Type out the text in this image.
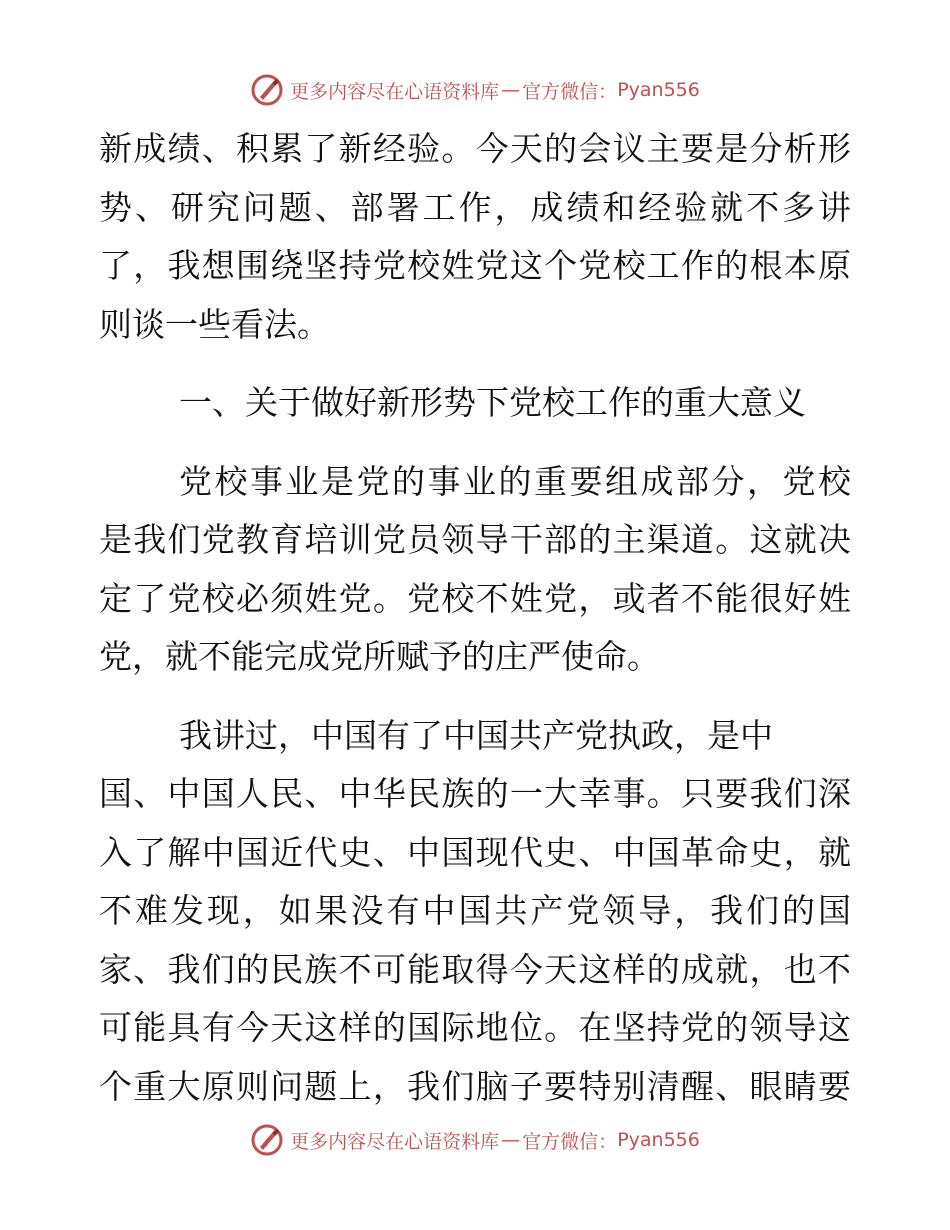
更多内容尽在心语资料库 — 官方微信： Pyan556
新成绩、积累了新经验。今天的会议主要是分析形
势、研究问题、部署工作，成绩和经验就不多讲
了，我想围绕坚持党校姓党这个党校工作的根本原
则谈一些看法。
一、关于做好新形势下党校工作的重大意义
党校事业是党的事业的重要组成部分，党校
是我们党教育培训党员领导干部的主渠道。这就决
定了党校必须姓党。党校不姓党，或者不能很好姓
党，就不能完成党所赋予的庄严使命。
我讲过，中国有了中国共产党执政，是中
国、中国人民、中华民族的一大幸事。只要我们深
入了解中国近代史、中国现代史、中国革命史，就
不难发现，如果没有中国共产党领导，我们的国
家、我们的民族不可能取得今天这样的成就，也不
可能具有今天这样的国际地位。在坚持党的领导这
个重大原则问题上，我们脑子要特别清醒、眼睛要
更多内容尽在心语资料库 — 官方微信： Pyan556
